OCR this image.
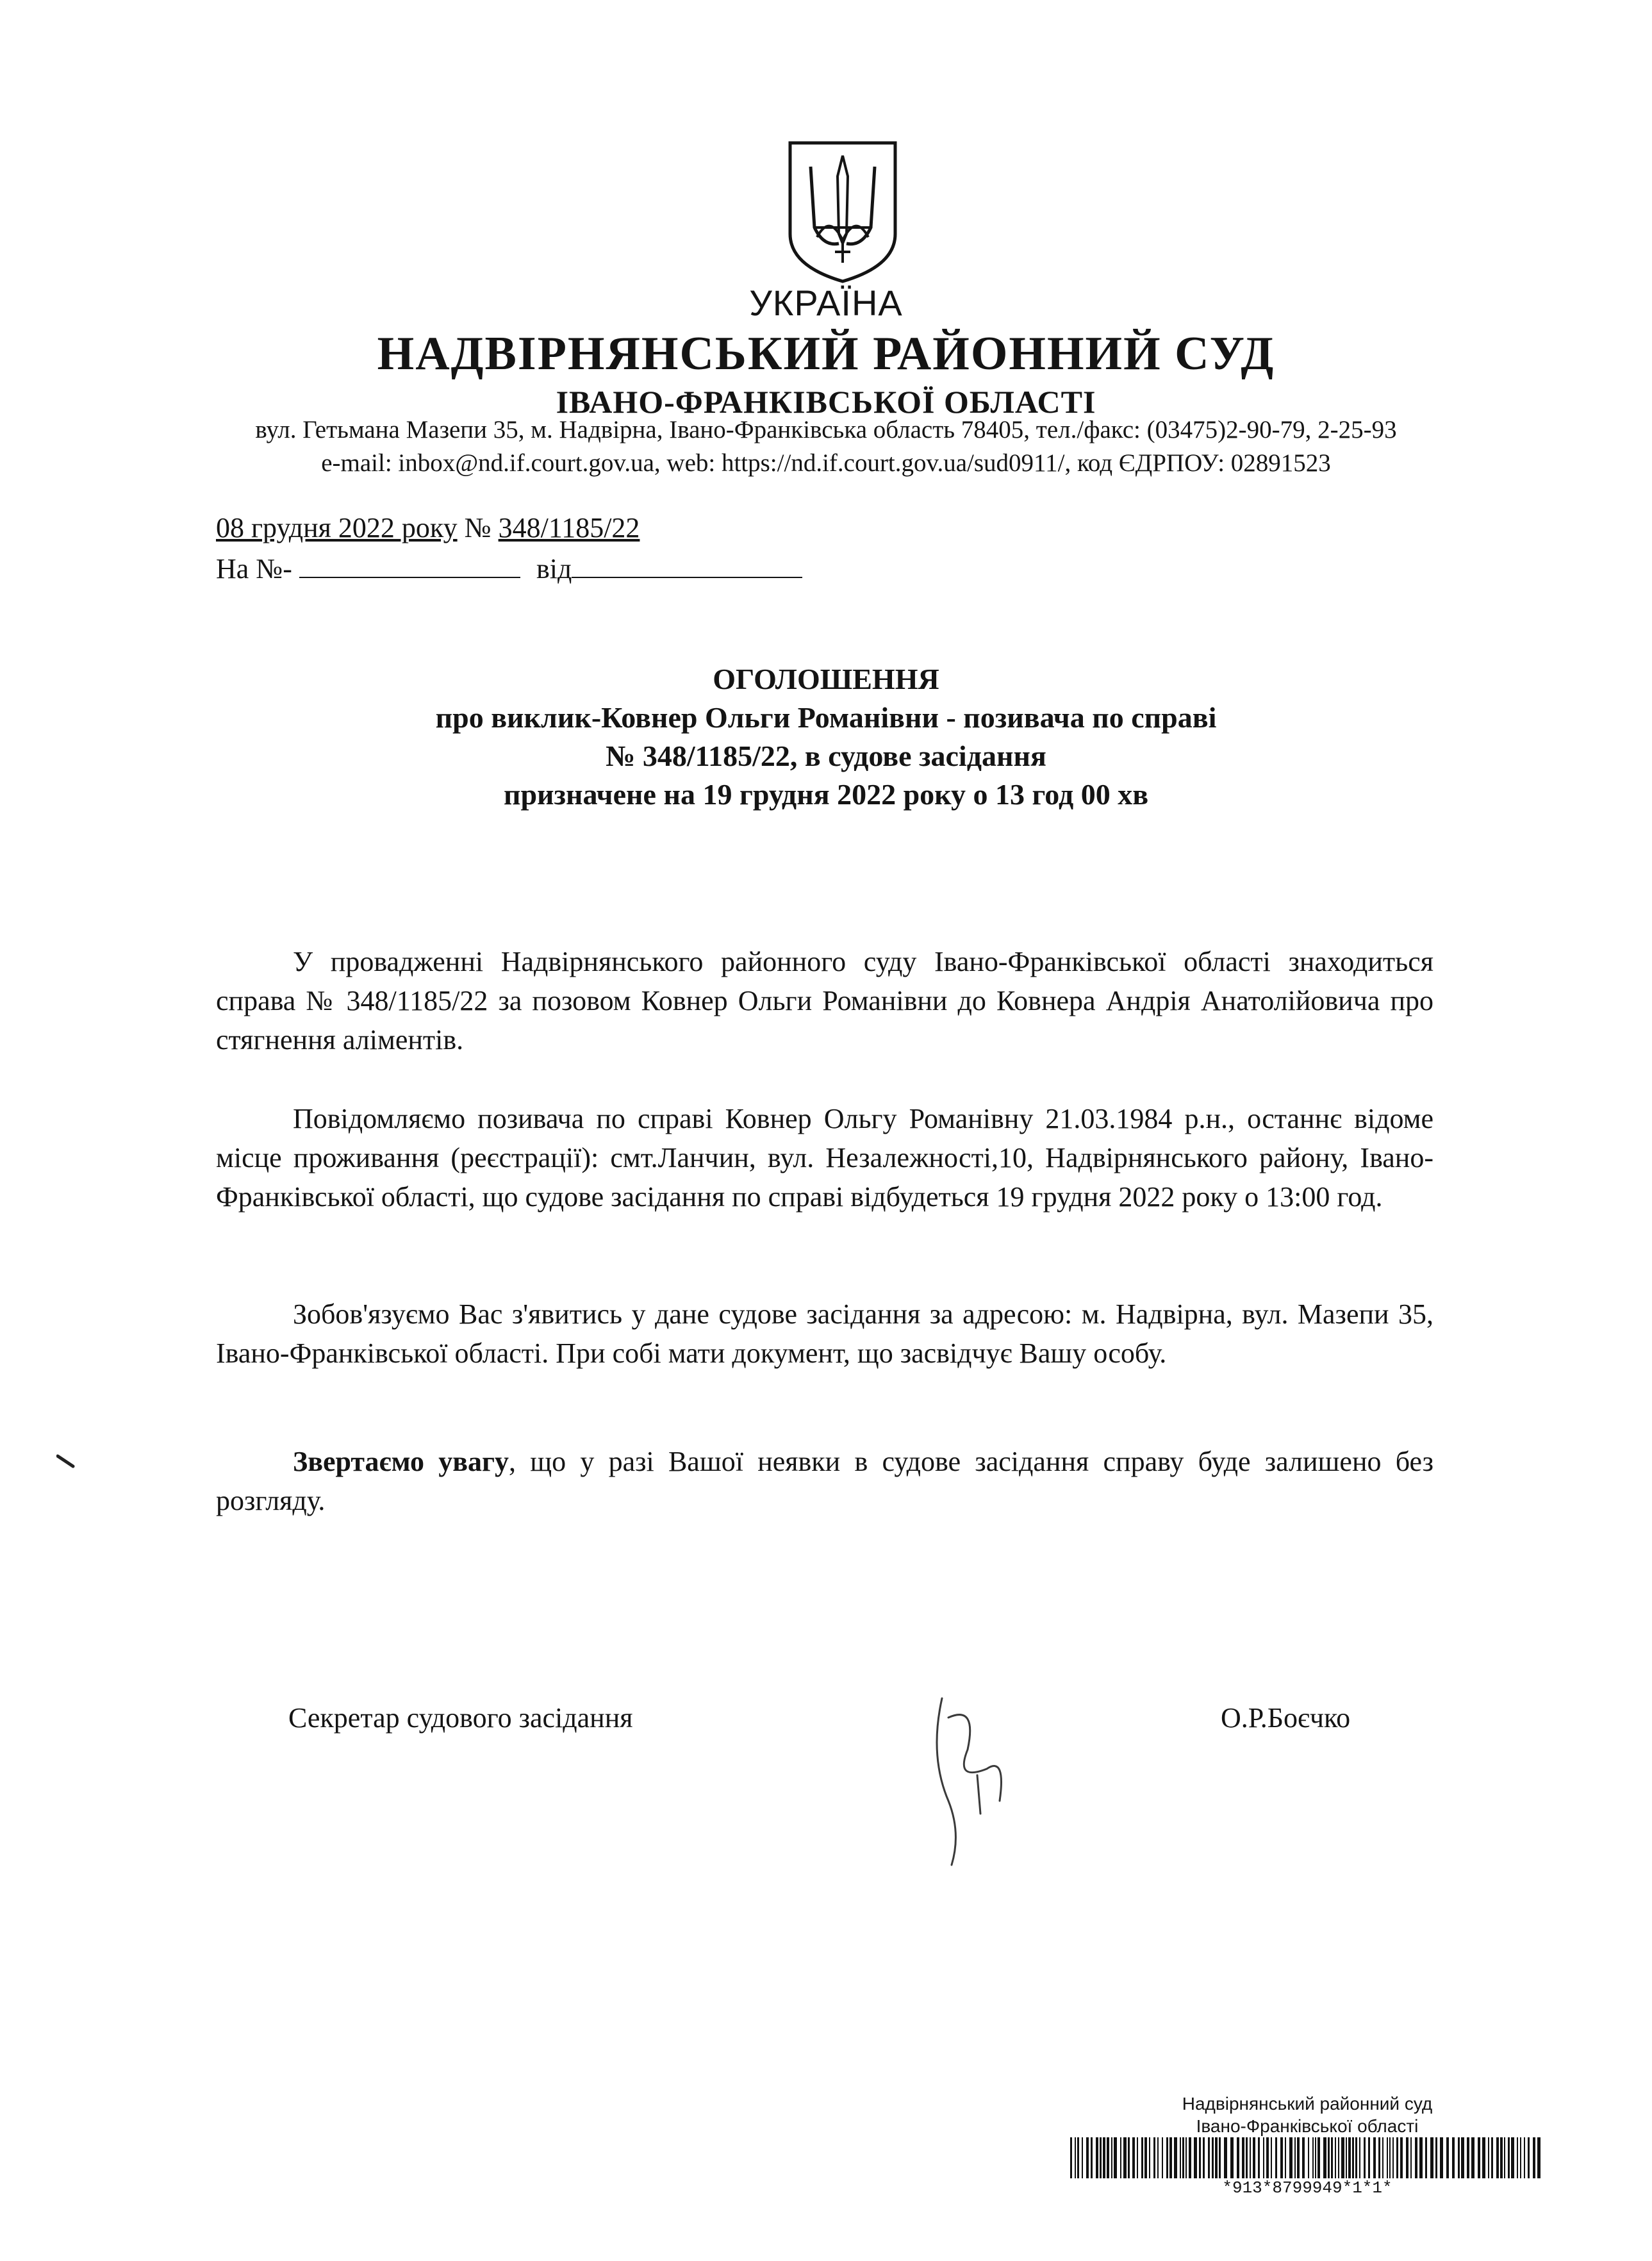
УКРАЇНА
НАДВІРНЯНСЬКИЙ РАЙОННИЙ СУД
ІВАНО-ФРАНКІВСЬКОЇ ОБЛАСТІ
вул. Гетьмана Мазепи 35, м. Надвірна, Івано-Франківська область 78405, тел./факс: (03475)2-90-79, 2-25-93
e-mail: inbox@nd.if.court.gov.ua, web: https://nd.if.court.gov.ua/sud0911/, код ЄДРПОУ: 02891523
08 грудня 2022 року № 348/1185/22
На №-	від
ОГОЛОШЕННЯ
про виклик-Ковнер Ольги Романівни - позивача по справі
№ 348/1185/22, в судове засідання
призначене на 19 грудня 2022 року о 13 год 00 хв
У провадженні Надвірнянського районного суду Івано-Франківської області знаходиться справа № 348/1185/22 за позовом Ковнер Ольги Романівни до Ковнера Андрія Анатолійовича про стягнення аліментів.
Повідомляємо позивача по справі Ковнер Ольгу Романівну 21.03.1984 р.н., останнє відоме місце проживання (реєстрації): смт.Ланчин, вул. Незалежності,10, Надвірнянського району, Івано-Франківської області, що судове засідання по справі відбудеться 19 грудня 2022 року о 13:00 год.
Зобов'язуємо Вас з'явитись у дане судове засідання за адресою: м. Надвірна, вул. Мазепи 35, Івано-Франківської області. При собі мати документ, що засвідчує Вашу особу.
Звертаємо увагу, що у разі Вашої неявки в судове засідання справу буде залишено без розгляду.
Секретар судового засідання	О.Р.Боєчко
Надвірнянський районний суд
Івано-Франківської області
*913*8799949*1*1*
